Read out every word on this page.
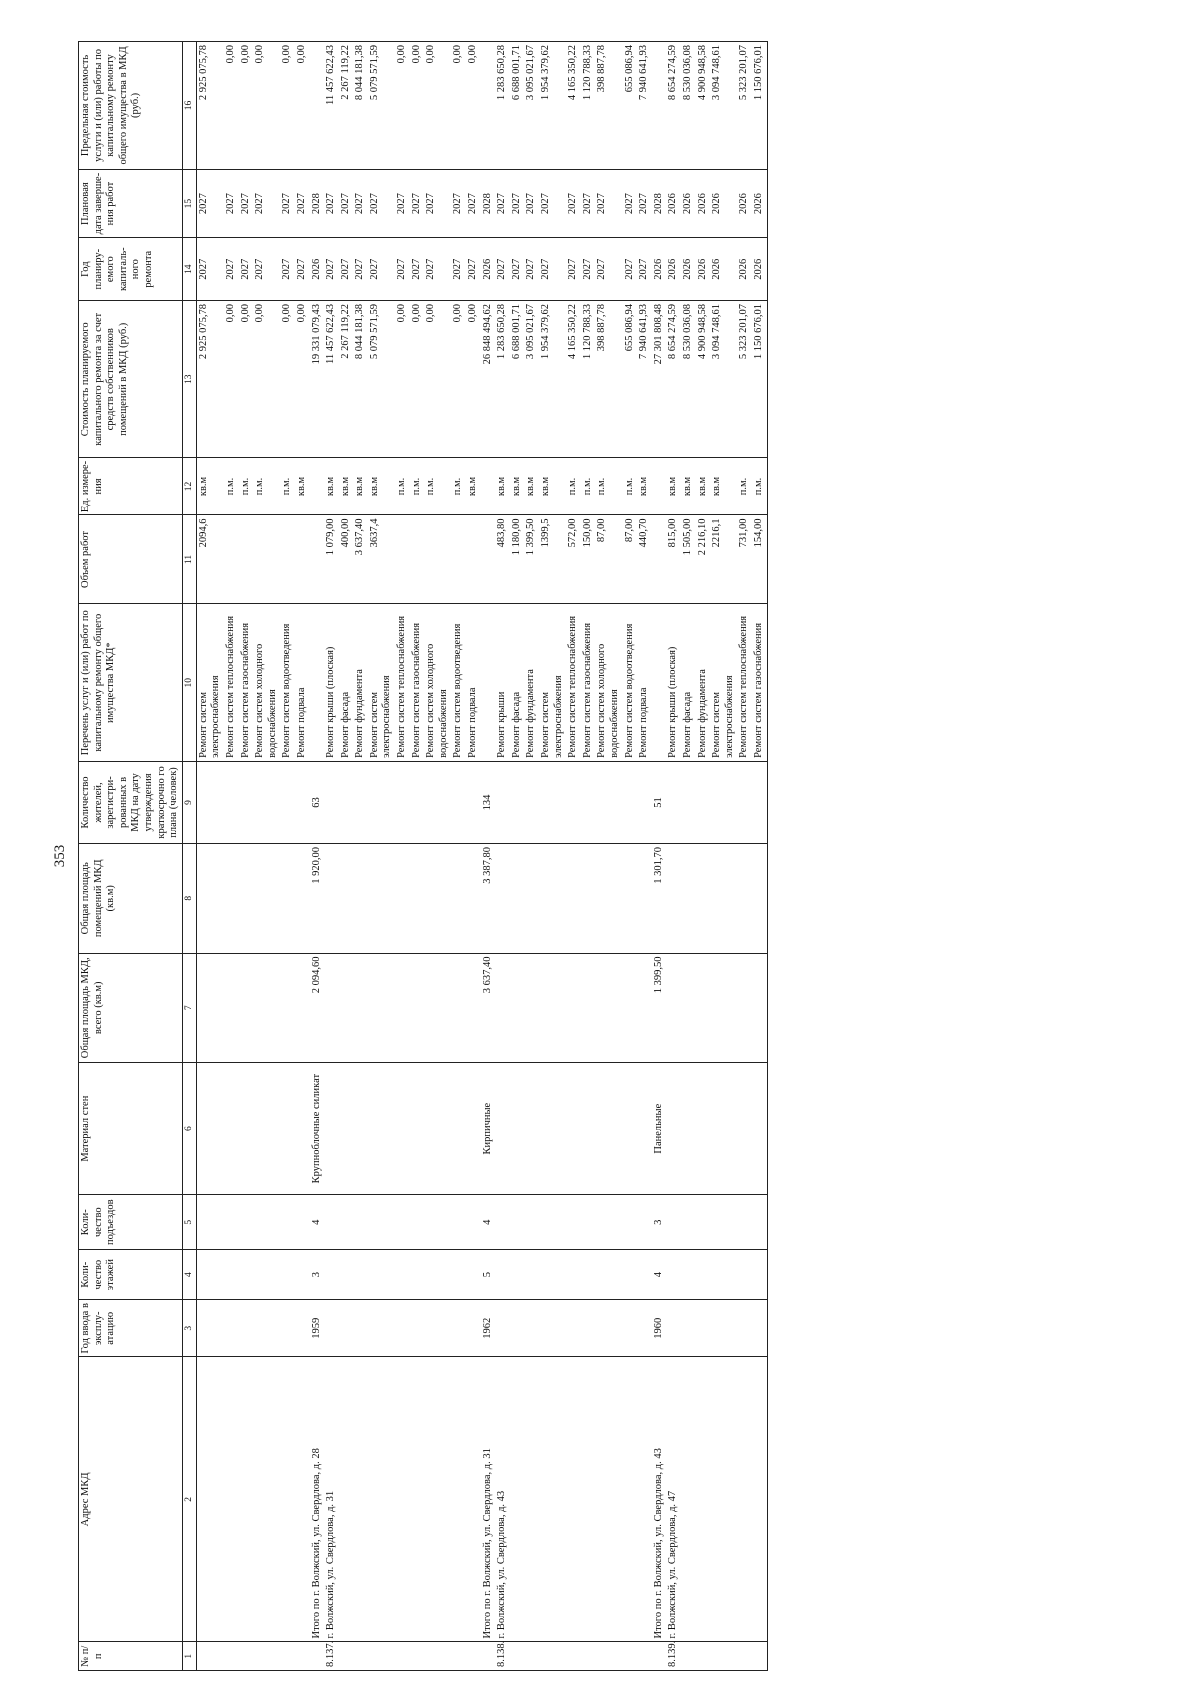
353
№ п/п	Адрес МКД	Год ввода в эксплу-атацию	Коли-чество этажей	Коли-чество подъездов	Материал стен	Общая площадь МКД, всего (кв.м)	Общая площадь помещений МКД (кв.м)	Количество жителей, зарегистри-рованных в МКД на дату утверждения краткосрочно го плана (человек)	Перечень услуг и (или) работ по капитальному ремонту общего имущества МКД*	Объем работ	Ед. измере-ния	Стоимость планируемого капитального ремонта за счет средств собственников помещений в МКД (руб.)	Год планиру-емого капиталь-ного ремонта	Плановая дата заверше-ния работ	Предельная стоимость услуги и (или) работы по капитальному ремонту общего имущества в МКД (руб.)
1	2	3	4	5	6	7	8	9	10	11	12	13	14	15	16

									Ремонт систем электроснабжения	2094,6	кв.м	2 925 075,78	2027	2027	2 925 075,78

									Ремонт систем теплоснабжения		п.м.	0,00	2027	2027	0,00

									Ремонт систем газоснабжения		п.м.	0,00	2027	2027	0,00

									Ремонт систем холодного водоснабжения		п.м.	0,00	2027	2027	0,00

									Ремонт систем водоотведения		п.м.	0,00	2027	2027	0,00

									Ремонт подвала		кв.м	0,00	2027	2027	0,00

	Итого по г. Волжский, ул. Свердлова, д. 28	1959	3	4	Крупноблочные силикат	2 094,60	1 920,00	63				19 331 079,43	2026	2028	

8.137.	г. Волжский, ул. Свердлова, д. 31								Ремонт крыши (плоская)	1 079,00	кв.м	11 457 622,43	2027	2027	11 457 622,43

									Ремонт фасада	400,00	кв.м	2 267 119,22	2027	2027	2 267 119,22

									Ремонт фундамента	3 637,40	кв.м	8 044 181,38	2027	2027	8 044 181,38

									Ремонт систем электроснабжения	3637,4	кв.м	5 079 571,59	2027	2027	5 079 571,59

									Ремонт систем теплоснабжения		п.м.	0,00	2027	2027	0,00

									Ремонт систем газоснабжения		п.м.	0,00	2027	2027	0,00

									Ремонт систем холодного водоснабжения		п.м.	0,00	2027	2027	0,00

									Ремонт систем водоотведения		п.м.	0,00	2027	2027	0,00

									Ремонт подвала		кв.м	0,00	2027	2027	0,00

	Итого по г. Волжский, ул. Свердлова, д. 31	1962	5	4	Кирпичные	3 637,40	3 387,80	134				26 848 494,62	2026	2028	

8.138.	г. Волжский, ул. Свердлова, д. 43								Ремонт крыши	483,80	кв.м	1 283 650,28	2027	2027	1 283 650,28

									Ремонт фасада	1 180,00	кв.м	6 688 001,71	2027	2027	6 688 001,71

									Ремонт фундамента	1 399,50	кв.м	3 095 021,67	2027	2027	3 095 021,67

									Ремонт систем электроснабжения	1399,5	кв.м	1 954 379,62	2027	2027	1 954 379,62

									Ремонт систем теплоснабжения	572,00	п.м.	4 165 350,22	2027	2027	4 165 350,22

									Ремонт систем газоснабжения	150,00	п.м.	1 120 788,33	2027	2027	1 120 788,33

									Ремонт систем холодного водоснабжения	87,00	п.м.	398 887,78	2027	2027	398 887,78

									Ремонт систем водоотведения	87,00	п.м.	655 086,94	2027	2027	655 086,94

									Ремонт подвала	440,70	кв.м	7 940 641,93	2027	2027	7 940 641,93

	Итого по г. Волжский, ул. Свердлова, д. 43	1960	4	3	Панельные	1 399,50	1 301,70	51				27 301 808,48	2026	2028	

8.139.	г. Волжский, ул. Свердлова, д. 47								Ремонт крыши (плоская)	815,00	кв.м	8 654 274,59	2026	2026	8 654 274,59

									Ремонт фасада	1 505,00	кв.м	8 530 036,08	2026	2026	8 530 036,08

									Ремонт фундамента	2 216,10	кв.м	4 900 948,58	2026	2026	4 900 948,58

									Ремонт систем электроснабжения	2216,1	кв.м	3 094 748,61	2026	2026	3 094 748,61

									Ремонт систем теплоснабжения	731,00	п.м.	5 323 201,07	2026	2026	5 323 201,07

									Ремонт систем газоснабжения	154,00	п.м.	1 150 676,01	2026	2026	1 150 676,01
